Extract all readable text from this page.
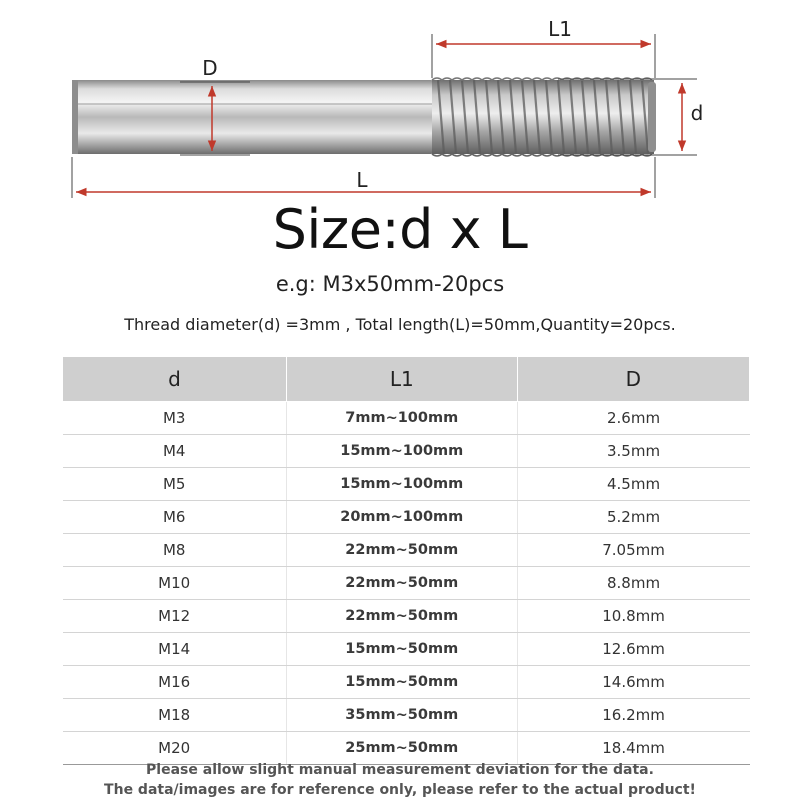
D
L1
d
L
Size:d x L
e.g: M3x50mm-20pcs
Thread diameter(d) =3mm , Total length(L)=50mm,Quantity=20pcs.
d	L1	D
M3	7mm~100mm	2.6mm
M4	15mm~100mm	3.5mm
M5	15mm~100mm	4.5mm
M6	20mm~100mm	5.2mm
M8	22mm~50mm	7.05mm
M10	22mm~50mm	8.8mm
M12	22mm~50mm	10.8mm
M14	15mm~50mm	12.6mm
M16	15mm~50mm	14.6mm
M18	35mm~50mm	16.2mm
M20	25mm~50mm	18.4mm
Please allow slight manual measurement deviation for the data.
The data/images are for reference only, please refer to the actual product!
